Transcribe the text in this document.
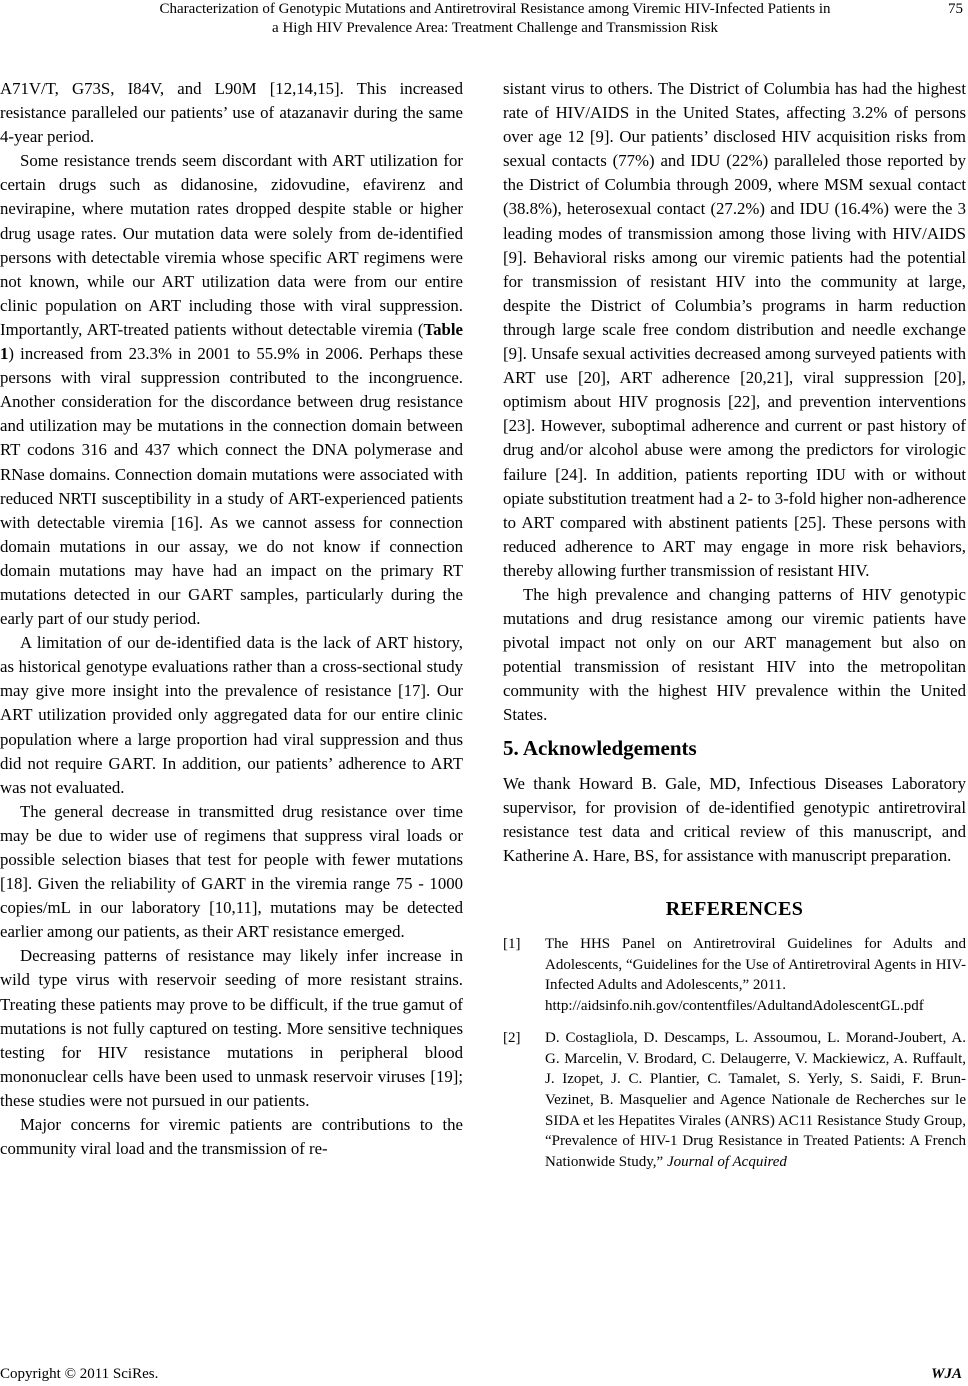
Characterization of Genotypic Mutations and Antiretroviral Resistance among Viremic HIV-Infected Patients in
a High HIV Prevalence Area: Treatment Challenge and Transmission Risk
75

A71V/T, G73S, I84V, and L90M [12,14,15]. This increased resistance paralleled our patients’ use of atazanavir during the same 4-year period.

Some resistance trends seem discordant with ART utilization for certain drugs such as didanosine, zidovudine, efavirenz and nevirapine, where mutation rates dropped despite stable or higher drug usage rates. Our mutation data were solely from de-identified persons with detectable viremia whose specific ART regimens were not known, while our ART utilization data were from our entire clinic population on ART including those with viral suppression. Importantly, ART-treated patients without detectable viremia (Table 1) increased from 23.3% in 2001 to 55.9% in 2006. Perhaps these persons with viral suppression contributed to the incongruence. Another consideration for the discordance between drug resistance and utilization may be mutations in the connection domain between RT codons 316 and 437 which connect the DNA polymerase and RNase domains. Connection domain mutations were associated with reduced NRTI susceptibility in a study of ART-experienced patients with detectable viremia [16]. As we cannot assess for connection domain mutations in our assay, we do not know if connection domain mutations may have had an impact on the primary RT mutations detected in our GART samples, particularly during the early part of our study period.

A limitation of our de-identified data is the lack of ART history, as historical genotype evaluations rather than a cross-sectional study may give more insight into the prevalence of resistance [17]. Our ART utilization provided only aggregated data for our entire clinic population where a large proportion had viral suppression and thus did not require GART. In addition, our patients’ adherence to ART was not evaluated.

The general decrease in transmitted drug resistance over time may be due to wider use of regimens that suppress viral loads or possible selection biases that test for people with fewer mutations [18]. Given the reliability of GART in the viremia range 75 - 1000 copies/mL in our laboratory [10,11], mutations may be detected earlier among our patients, as their ART resistance emerged.

Decreasing patterns of resistance may likely infer increase in wild type virus with reservoir seeding of more resistant strains. Treating these patients may prove to be difficult, if the true gamut of mutations is not fully captured on testing. More sensitive techniques testing for HIV resistance mutations in peripheral blood mononuclear cells have been used to unmask reservoir viruses [19]; these studies were not pursued in our patients.

Major concerns for viremic patients are contributions to the community viral load and the transmission of re-

sistant virus to others. The District of Columbia has had the highest rate of HIV/AIDS in the United States, affecting 3.2% of persons over age 12 [9]. Our patients’ disclosed HIV acquisition risks from sexual contacts (77%) and IDU (22%) paralleled those reported by the District of Columbia through 2009, where MSM sexual contact (38.8%), heterosexual contact (27.2%) and IDU (16.4%) were the 3 leading modes of transmission among those living with HIV/AIDS [9]. Behavioral risks among our viremic patients had the potential for transmission of resistant HIV into the community at large, despite the District of Columbia’s programs in harm reduction through large scale free condom distribution and needle exchange [9]. Unsafe sexual activities decreased among surveyed patients with ART use [20], ART adherence [20,21], viral suppression [20], optimism about HIV prognosis [22], and prevention interventions [23]. However, suboptimal adherence and current or past history of drug and/or alcohol abuse were among the predictors for virologic failure [24]. In addition, patients reporting IDU with or without opiate substitution treatment had a 2- to 3-fold higher non-adherence to ART compared with abstinent patients [25]. These persons with reduced adherence to ART may engage in more risk behaviors, thereby allowing further transmission of resistant HIV.

The high prevalence and changing patterns of HIV genotypic mutations and drug resistance among our viremic patients have pivotal impact not only on our ART management but also on potential transmission of resistant HIV into the metropolitan community with the highest HIV prevalence within the United States.

5. Acknowledgements

We thank Howard B. Gale, MD, Infectious Diseases Laboratory supervisor, for provision of de-identified genotypic antiretroviral resistance test data and critical review of this manuscript, and Katherine A. Hare, BS, for assistance with manuscript preparation.

REFERENCES
[1] The HHS Panel on Antiretroviral Guidelines for Adults and Adolescents, “Guidelines for the Use of Antiretroviral Agents in HIV-Infected Adults and Adolescents,” 2011.
http://aidsinfo.nih.gov/contentfiles/AdultandAdolescentGL.pdf
[2] D. Costagliola, D. Descamps, L. Assoumou, L. Morand-Joubert, A. G. Marcelin, V. Brodard, C. Delaugerre, V. Mackiewicz, A. Ruffault, J. Izopet, J. C. Plantier, C. Tamalet, S. Yerly, S. Saidi, F. Brun-Vezinet, B. Masquelier and Agence Nationale de Recherches sur le SIDA et les Hepatites Virales (ANRS) AC11 Resistance Study Group, “Prevalence of HIV-1 Drug Resistance in Treated Patients: A French Nationwide Study,” Journal of Acquired
Copyright © 2011 SciRes.	WJA
